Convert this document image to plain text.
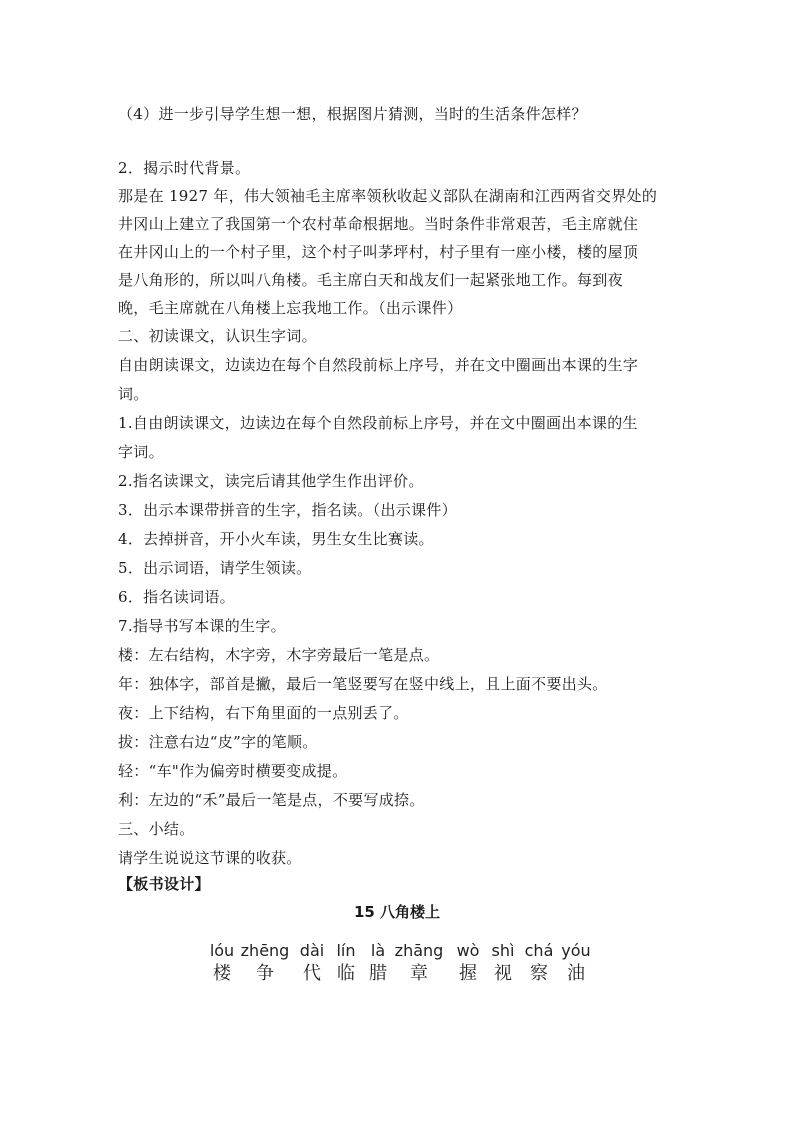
（4）进一步引导学生想一想，根据图片猜测，当时的生活条件怎样？
2．揭示时代背景。
那是在 1927 年，伟大领袖毛主席率领秋收起义部队在湖南和江西两省交界处的
井冈山上建立了我国第一个农村革命根据地。当时条件非常艰苦，毛主席就住
在井冈山上的一个村子里，这个村子叫茅坪村，村子里有一座小楼，楼的屋顶
是八角形的，所以叫八角楼。毛主席白天和战友们一起紧张地工作。每到夜
晚，毛主席就在八角楼上忘我地工作。（出示课件）
二、初读课文，认识生字词。
自由朗读课文，边读边在每个自然段前标上序号，并在文中圈画出本课的生字
词。
1.自由朗读课文，边读边在每个自然段前标上序号，并在文中圈画出本课的生
字词。
2.指名读课文，读完后请其他学生作出评价。
3．出示本课带拼音的生字，指名读。（出示课件）
4．去掉拼音，开小火车读，男生女生比赛读。
5．出示词语，请学生领读。
6．指名读词语。
7.指导书写本课的生字。
楼：左右结构，木字旁，木字旁最后一笔是点。
年：独体字，部首是撇，最后一笔竖要写在竖中线上，且上面不要出头。
夜：上下结构，右下角里面的一点别丢了。
拔：注意右边“皮”字的笔顺。
轻：“车"作为偏旁时横要变成提。
利：左边的“禾”最后一笔是点，不要写成捺。
三、小结。
请学生说说这节课的收获。
【板书设计】
15 八角楼上
lóu
楼
zhēng
争
dài
代
lín
临
là
腊
zhāng
章
wò
握
shì
视
chá
察
yóu
油
